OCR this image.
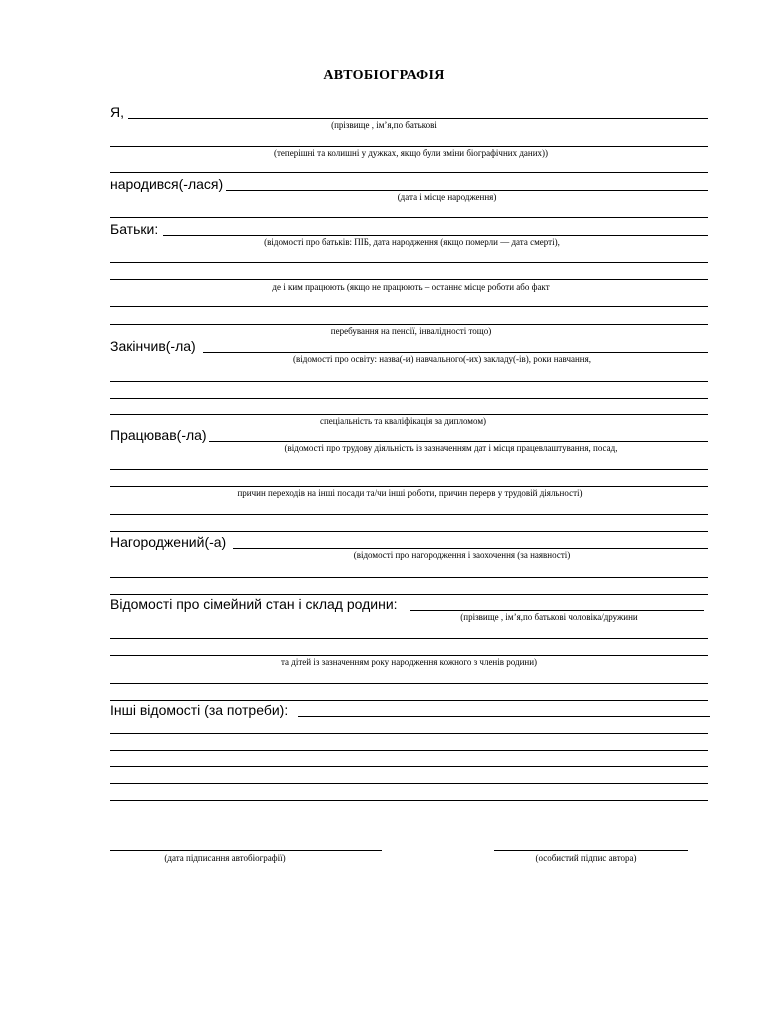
АВТОБІОГРАФІЯ
Я,
(прізвище , ім’я,по батькові
(теперішні та колишні у дужках, якщо були зміни біографічних даних))
народився(-лася)
(дата і місце народження)
Батьки:
(відомості про батьків: ПІБ, дата народження (якщо померли — дата смерті),
де і ким працюють (якщо не працюють – останнє місце роботи або факт
перебування на пенсії, інвалідності тощо)
Закінчив(-ла)
(відомості про освіту: назва(-и) навчального(-их) закладу(-ів), роки навчання,
спеціальність та кваліфікація за дипломом)
Працював(-ла)
(відомості про трудову діяльність із зазначенням дат і місця працевлаштування, посад,
причин переходів на інші посади та/чи інші роботи, причин перерв у трудовій діяльності)
Нагороджений(-а)
(відомості про нагородження і заохочення (за наявності)
Відомості про сімейний стан і склад родини:
(прізвище , ім’я,по батькові чоловіка/дружини
та дітей із зазначенням року народження кожного з членів родини)
Інші відомості (за потреби):
(дата підписання автобіографії)	(особистий підпис автора)
